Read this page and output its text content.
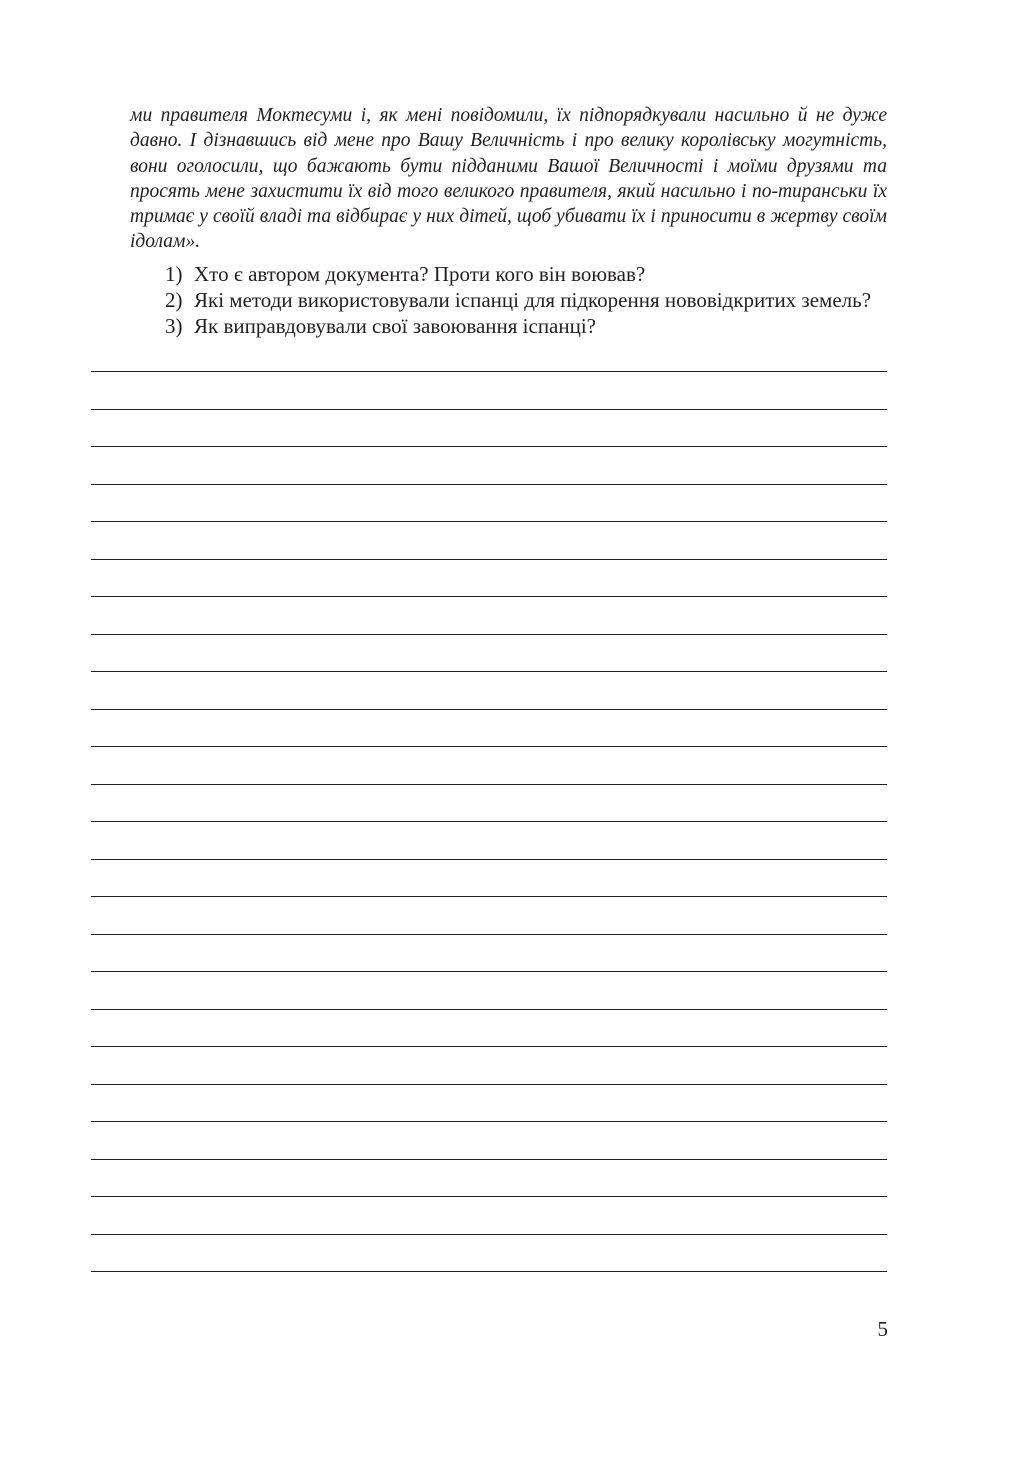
ми правителя Моктесуми і, як мені повідомили, їх підпорядкували насильно й не дуже давно. І дізнавшись від мене про Вашу Величність і про велику королівську могутність, вони оголосили, що бажають бути підданими Вашої Величності і моїми друзями та просять мене захистити їх від того великого правителя, який насильно і по-тиранськи їх тримає у своїй владі та відбирає у них дітей, щоб убивати їх і приносити в жертву своїм ідолам».

1) Хто є автором документа? Проти кого він воював?
2) Які методи використовували іспанці для підкорення нововідкритих земель?
3) Як виправдовували свої завоювання іспанці?
5
